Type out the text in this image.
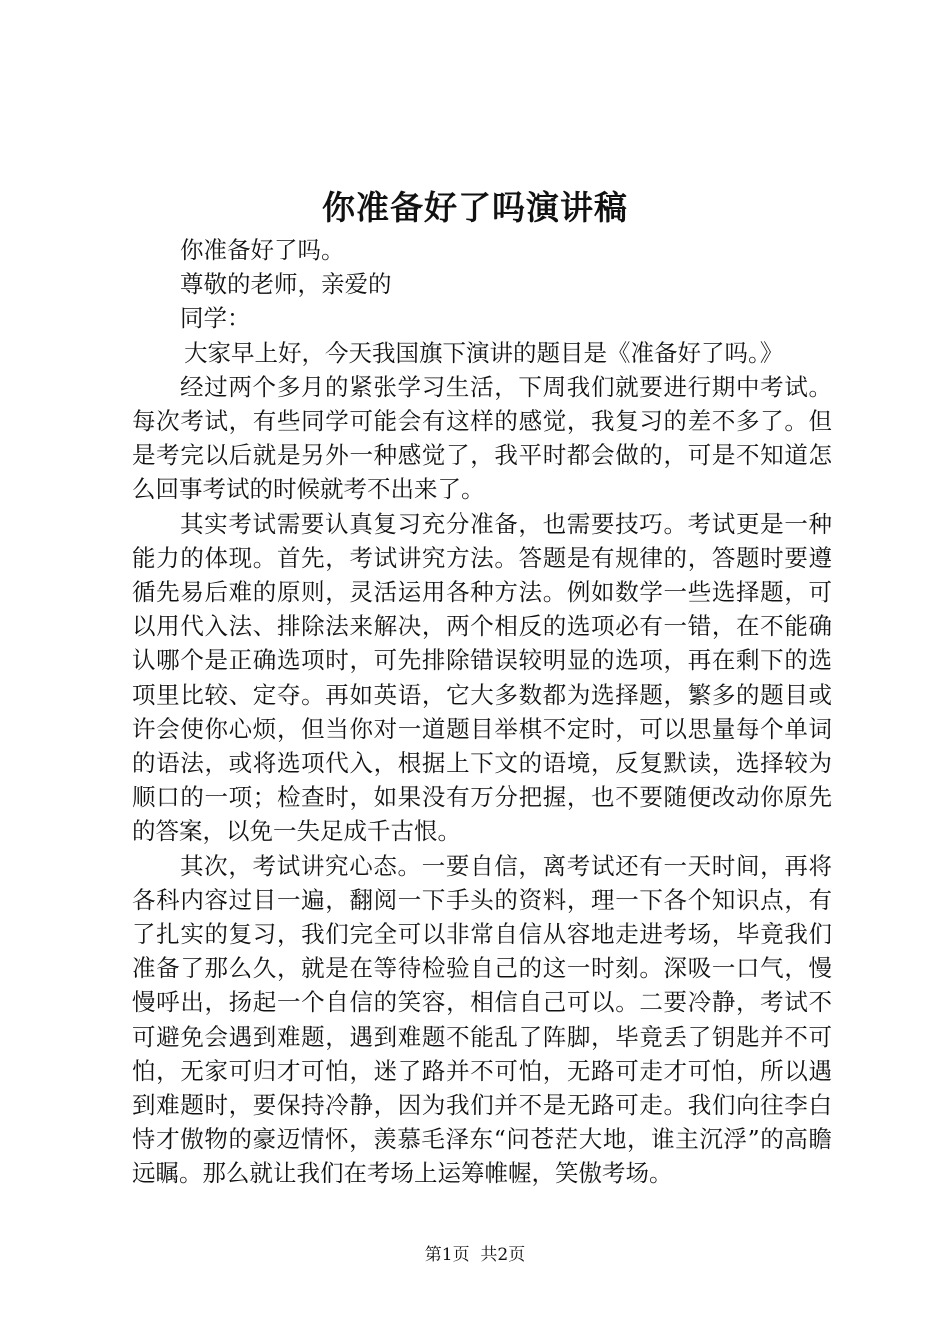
你准备好了吗演讲稿

你准备好了吗。

尊敬的老师，亲爱的

同学：

大家早上好，今天我国旗下演讲的题目是《准备好了吗。》

经过两个多月的紧张学习生活，下周我们就要进行期中考试。每次考试，有些同学可能会有这样的感觉，我复习的差不多了。但是考完以后就是另外一种感觉了，我平时都会做的，可是不知道怎么回事考试的时候就考不出来了。

其实考试需要认真复习充分准备，也需要技巧。考试更是一种能力的体现。首先，考试讲究方法。答题是有规律的，答题时要遵循先易后难的原则，灵活运用各种方法。例如数学一些选择题，可以用代入法、排除法来解决，两个相反的选项必有一错，在不能确认哪个是正确选项时，可先排除错误较明显的选项，再在剩下的选项里比较、定夺。再如英语，它大多数都为选择题，繁多的题目或许会使你心烦，但当你对一道题目举棋不定时，可以思量每个单词的语法，或将选项代入，根据上下文的语境，反复默读，选择较为顺口的一项；检查时，如果没有万分把握，也不要随便改动你原先的答案，以免一失足成千古恨。

其次，考试讲究心态。一要自信，离考试还有一天时间，再将各科内容过目一遍，翻阅一下手头的资料，理一下各个知识点，有了扎实的复习，我们完全可以非常自信从容地走进考场，毕竟我们准备了那么久，就是在等待检验自己的这一时刻。深吸一口气，慢慢呼出，扬起一个自信的笑容，相信自己可以。二要冷静，考试不可避免会遇到难题，遇到难题不能乱了阵脚，毕竟丢了钥匙并不可怕，无家可归才可怕，迷了路并不可怕，无路可走才可怕，所以遇到难题时，要保持冷静，因为我们并不是无路可走。我们向往李白恃才傲物的豪迈情怀，羡慕毛泽东“问苍茫大地，谁主沉浮”的高瞻远瞩。那么就让我们在考场上运筹帷幄，笑傲考场。

第1页 共2页
